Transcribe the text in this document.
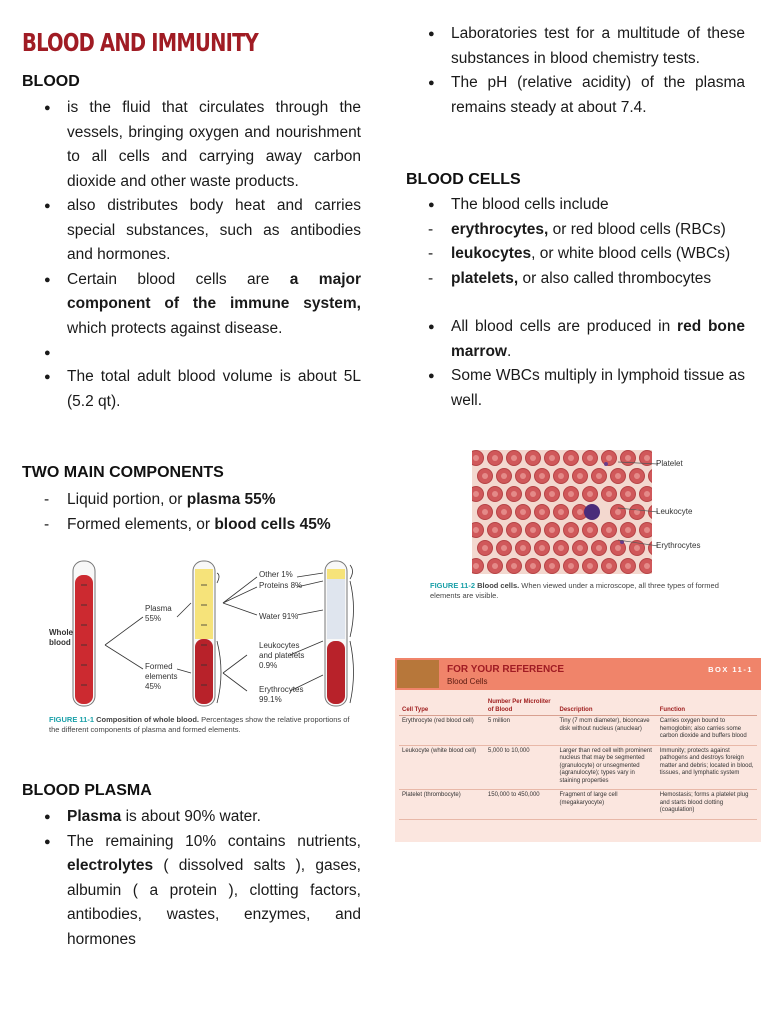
BLOOD AND IMMUNITY
BLOOD
● is the fluid that circulates through the vessels, bringing oxygen and nourishment to all cells and carrying away carbon dioxide and other waste products.
● also distributes body heat and carries special substances, such as antibodies and hormones.
● Certain blood cells are a major component of the immune system, which protects against disease.
●
● The total adult blood volume is about 5L (5.2 qt).
TWO MAIN COMPONENTS
- Liquid portion, or plasma 55%
- Formed elements, or blood cells 45%
Whole blood
Plasma 55%
Formed elements 45%
Other 1%
Proteins 8%
Water 91%
Leukocytes and platelets 0.9%
Erythrocytes 99.1%
FIGURE 11-1 Composition of whole blood. Percentages show the relative proportions of the different components of plasma and formed elements.
BLOOD PLASMA
● Plasma is about 90% water.
● The remaining 10% contains nutrients, electrolytes ( dissolved salts ), gases, albumin ( a protein ), clotting factors, antibodies, wastes, enzymes, and hormones
● Laboratories test for a multitude of these substances in blood chemistry tests.
● The pH (relative acidity) of the plasma remains steady at about 7.4.
BLOOD CELLS
● The blood cells include
- erythrocytes, or red blood cells (RBCs)
- leukocytes, or white blood cells (WBCs)
- platelets, or also called thrombocytes
● All blood cells are produced in red bone marrow.
● Some WBCs multiply in lymphoid tissue as well.
Platelet
Leukocyte
Erythrocytes
FIGURE 11-2 Blood cells. When viewed under a microscope, all three types of formed elements are visible.
FOR YOUR REFERENCE
Blood Cells
BOX 11-1
Cell Type	Number Per Microliter of Blood	Description	Function
Erythrocyte (red blood cell)	5 million	Tiny (7 mcm diameter), biconcave disk without nucleus (anuclear)	Carries oxygen bound to hemoglobin; also carries some carbon dioxide and buffers blood
Leukocyte (white blood cell)	5,000 to 10,000	Larger than red cell with prominent nucleus that may be segmented (granulocyte) or unsegmented (agranulocyte); types vary in staining properties	Immunity; protects against pathogens and destroys foreign matter and debris; located in blood, tissues, and lymphatic system
Platelet (thrombocyte)	150,000 to 450,000	Fragment of large cell (megakaryocyte)	Hemostasis; forms a platelet plug and starts blood clotting (coagulation)
